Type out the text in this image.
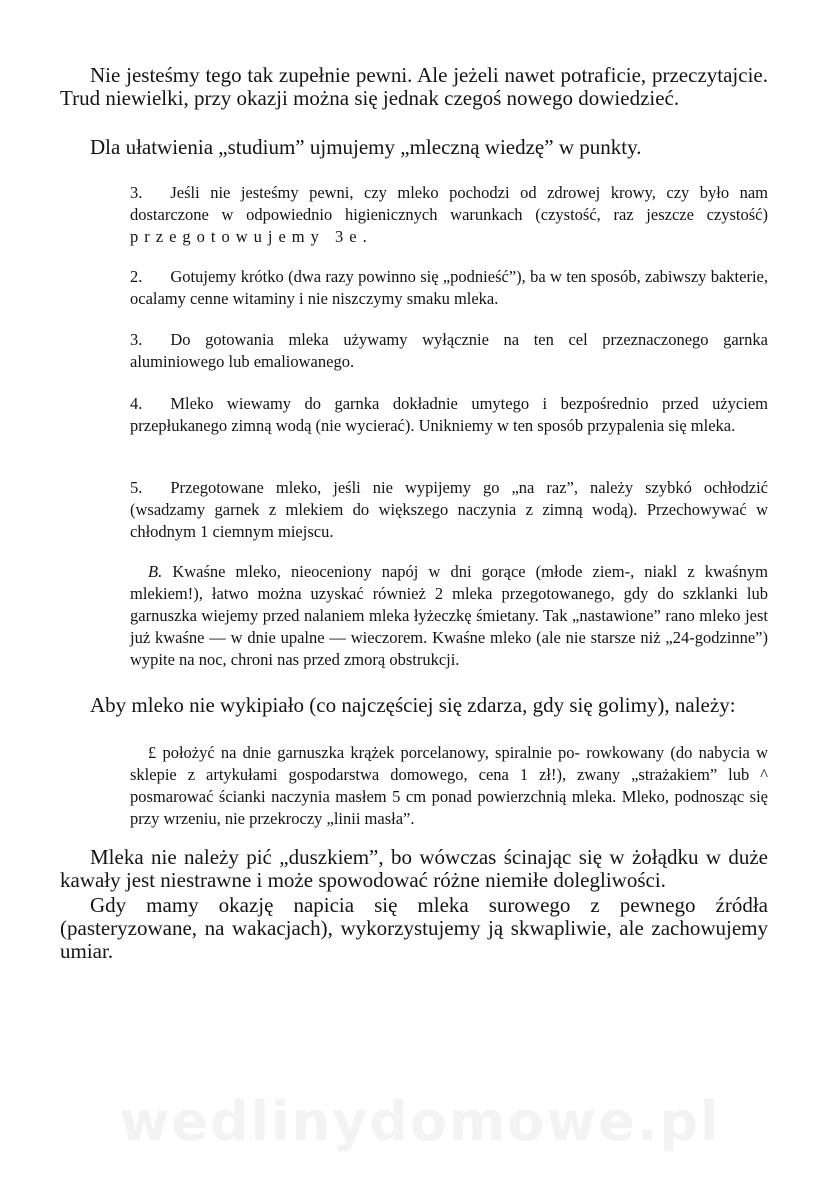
Nie jesteśmy tego tak zupełnie pewni. Ale jeżeli nawet potraficie, przeczytajcie. Trud niewielki, przy okazji można się jednak czegoś nowego dowiedzieć.

Dla ułatwienia „studium” ujmujemy „mleczną wiedzę” w punkty.

3. Jeśli nie jesteśmy pewni, czy mleko pochodzi od zdrowej krowy, czy było nam dostarczone w odpowiednio higienicznych warunkach (czystość, raz jeszcze czystość) przegotowujemy 3e.

2. Gotujemy krótko (dwa razy powinno się „podnieść”), ba w ten sposób, zabiwszy bakterie, ocalamy cenne witaminy i nie niszczymy smaku mleka.

3. Do gotowania mleka używamy wyłącznie na ten cel przeznaczonego garnka aluminiowego lub emaliowanego.

4. Mleko wiewamy do garnka dokładnie umytego i bezpośrednio przed użyciem przepłukanego zimną wodą (nie wycierać). Unikniemy w ten sposób przypalenia się mleka.

5. Przegotowane mleko, jeśli nie wypijemy go „na raz”, należy szybkó ochłodzić (wsadzamy garnek z mlekiem do większego naczynia z zimną wodą). Przechowywać w chłodnym 1 ciemnym miejscu.

B. Kwaśne mleko, nieoceniony napój w dni gorące (młode ziem-, niakl z kwaśnym mlekiem!), łatwo można uzyskać również 2 mleka przegotowanego, gdy do szklanki lub garnuszka wiejemy przed nalaniem mleka łyżeczkę śmietany. Tak „nastawione” rano mleko jest już kwaśne — w dnie upalne — wieczorem. Kwaśne mleko (ale nie starsze niż „24-godzinne”) wypite na noc, chroni nas przed zmorą obstrukcji.

Aby mleko nie wykipiało (co najczęściej się zdarza, gdy się golimy), należy:

£ położyć na dnie garnuszka krążek porcelanowy, spiralnie po- rowkowany (do nabycia w sklepie z artykułami gospodarstwa domowego, cena 1 zł!), zwany „strażakiem” lub ^ posmarować ścianki naczynia masłem 5 cm ponad powierzchnią mleka. Mleko, podnosząc się przy wrzeniu, nie przekroczy „linii masła”.

Mleka nie należy pić „duszkiem”, bo wówczas ścinając się w żołądku w duże kawały jest niestrawne i może spowodować różne niemiłe dolegliwości.

Gdy mamy okazję napicia się mleka surowego z pewnego źródła (pasteryzowane, na wakacjach), wykorzystujemy ją skwapliwie, ale zachowujemy umiar.

wedlinydomowe.pl
